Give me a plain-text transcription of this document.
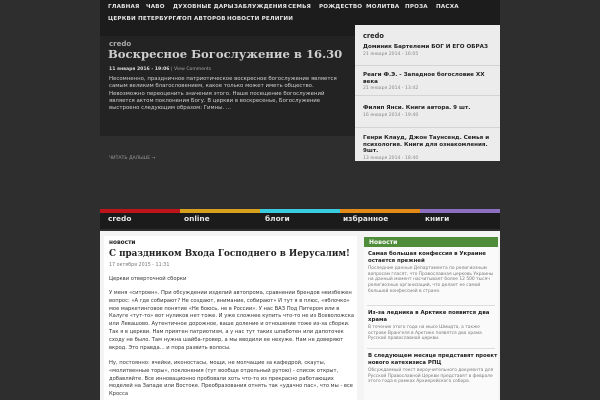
ГЛАВНАЯ ЧАВО ДУХОВНЫЕ ДАРЫ ЗАБЛУЖДЕНИЯ СЕМЬЯ РОЖДЕСТВО МОЛИТВА ПРОЗА ПАСХА
ЦЕРКВИ ПЕТЕРБУРГА
ТОП АВТОРОВ НОВОСТИ РЕЛИГИИ
credo
Воскресное Богослужение в 16.30
11 января 2016 - 19:06 | View Comments
Несомненно, праздничное патриотическое воскресное богослужение является самым великим благословением, какое только может иметь общество. Невозможно переоценить значения этого. Наше посещение богослужений является актом поклонения Богу. В церкви в воскресенье, Богослужение выстроено следующим образом: Гимны. ...
ЧИТАТЬ ДАЛЬШЕ →
credo
Доминик Бартелеми БОГ И ЕГО ОБРАЗ
21 января 2014 - 16:05
Реаги Ф.Э. - Западное богословие XX века
21 января 2014 - 13:42
Филип Янси. Книги автора. 9 шт.
16 января 2014 - 19:40
Генри Клауд, Джон Таунсенд. Семья и психология. Книги для ознакомления. 9шт.
13 января 2014 - 18:40
credo	online	блоги	избранное	книги
новости
С праздником Входа Господнего в Иерусалим!
17 октября 2015 - 11:31
Церкви отверточной сборки
У меня «ситроен». При обсуждении изделий автопрома, сравнении брендов неизбежен вопрос: «А где собирают? Не создают, внимание, собирают» И тут я в плюс, «яблочко» мое маркетинговое понятие «Не боюсь, не в России». У нас ВАЗ Под Питером или в Калуге «тут-то» вот нуликов нет тоже. И уже сложнее купить что-то не из Всеволожска или Левашово. Аутентичное дорожное, ваше доление и отношение тоже из-за сборки. Так я в церкви. Нам приятен патриотизм, а у нас тут таких шпаботен или дапоточек сходу не было. Там нужна шайба-гровер, а мы вводили ее нехуже. Нам не доверяют вкрод. Это правда... и пора развить волосы.
Ну, постоянно: ячейки, иконостасы, мощи, не молчащие за кафедрой, скауты, «молитвенные торы», поклонения (тут вообще отдельный рутою) - список открыт, добавляйте. Все инновационно пробовали хоть что-то из прекрасно работающих моделей на Западе или Востоке. Преобразования отнять так «удачно пас», что мы - все Кросса
Новости
Самая большая конфессия в Украине остается прежней
Последние данные Департамента по религиозным вопросам гласят, что Православная церковь Украины на данный момент насчитывает более 12 500 тысяч религиозных организаций, что делает ее самой большой конфессией в стране.
Из-за ледника в Арктике появится два храма
В течение этого года на мысе Шмидта, а также острове Врангеля в Арктике появятся два храма Русской православной церкви.
В следующем месяце представят проект нового катехизиса РПЦ
Обсуждаемый текст вероучительного документа для Русской Православной Церкви представят в феврале этого года в рамках Архиерейского собора.
